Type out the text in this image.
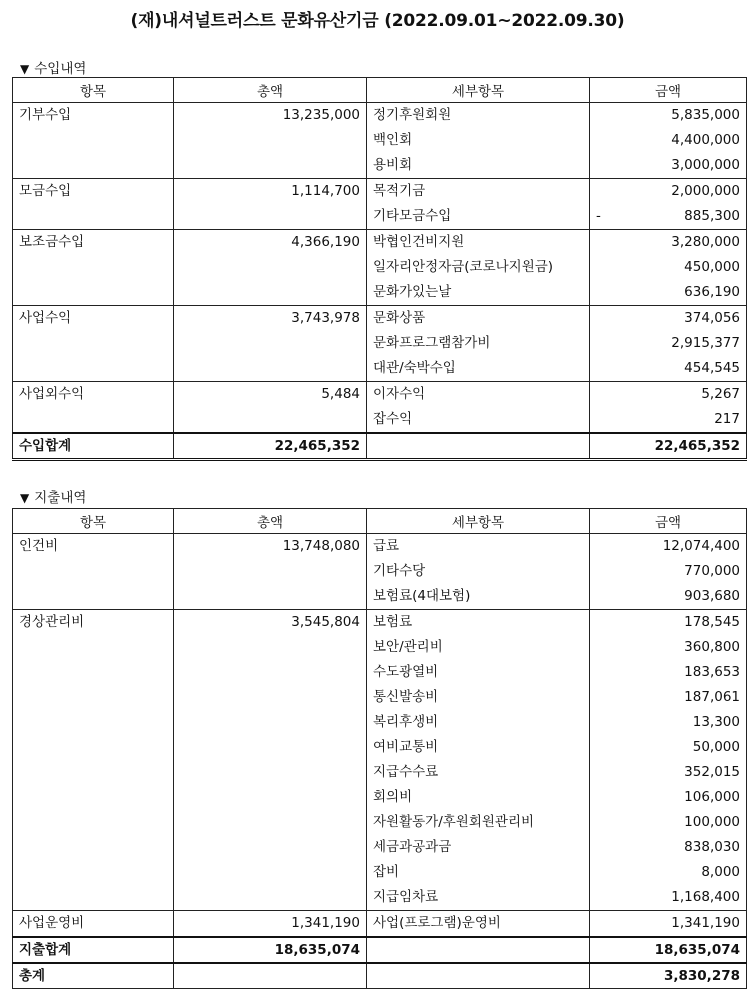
(재)내셔널트러스트 문화유산기금 (2022.09.01~2022.09.30)
▼ 수입내역
항목	총액	세부항목	금액
기부수입	13,235,000	정기후원회원	5,835,000
		백인회	4,400,000
		용비회	3,000,000
모금수입	1,114,700	목적기금	2,000,000
		기타모금수입	- 885,300
보조금수입	4,366,190	박협인건비지원	3,280,000
		일자리안정자금(코로나지원금)	450,000
		문화가있는날	636,190
사업수익	3,743,978	문화상품	374,056
		문화프로그램참가비	2,915,377
		대관/숙박수입	454,545
사업외수익	5,484	이자수익	5,267
		잡수익	217
수입합계	22,465,352		22,465,352
▼ 지출내역
항목	총액	세부항목	금액
인건비	13,748,080	급료	12,074,400
		기타수당	770,000
		보험료(4대보험)	903,680
경상관리비	3,545,804	보험료	178,545
		보안/관리비	360,800
		수도광열비	183,653
		통신발송비	187,061
		복리후생비	13,300
		여비교통비	50,000
		지급수수료	352,015
		회의비	106,000
		자원활동가/후원회원관리비	100,000
		세금과공과금	838,030
		잡비	8,000
		지급임차료	1,168,400
사업운영비	1,341,190	사업(프로그램)운영비	1,341,190
지출합계	18,635,074		18,635,074
총계			3,830,278
